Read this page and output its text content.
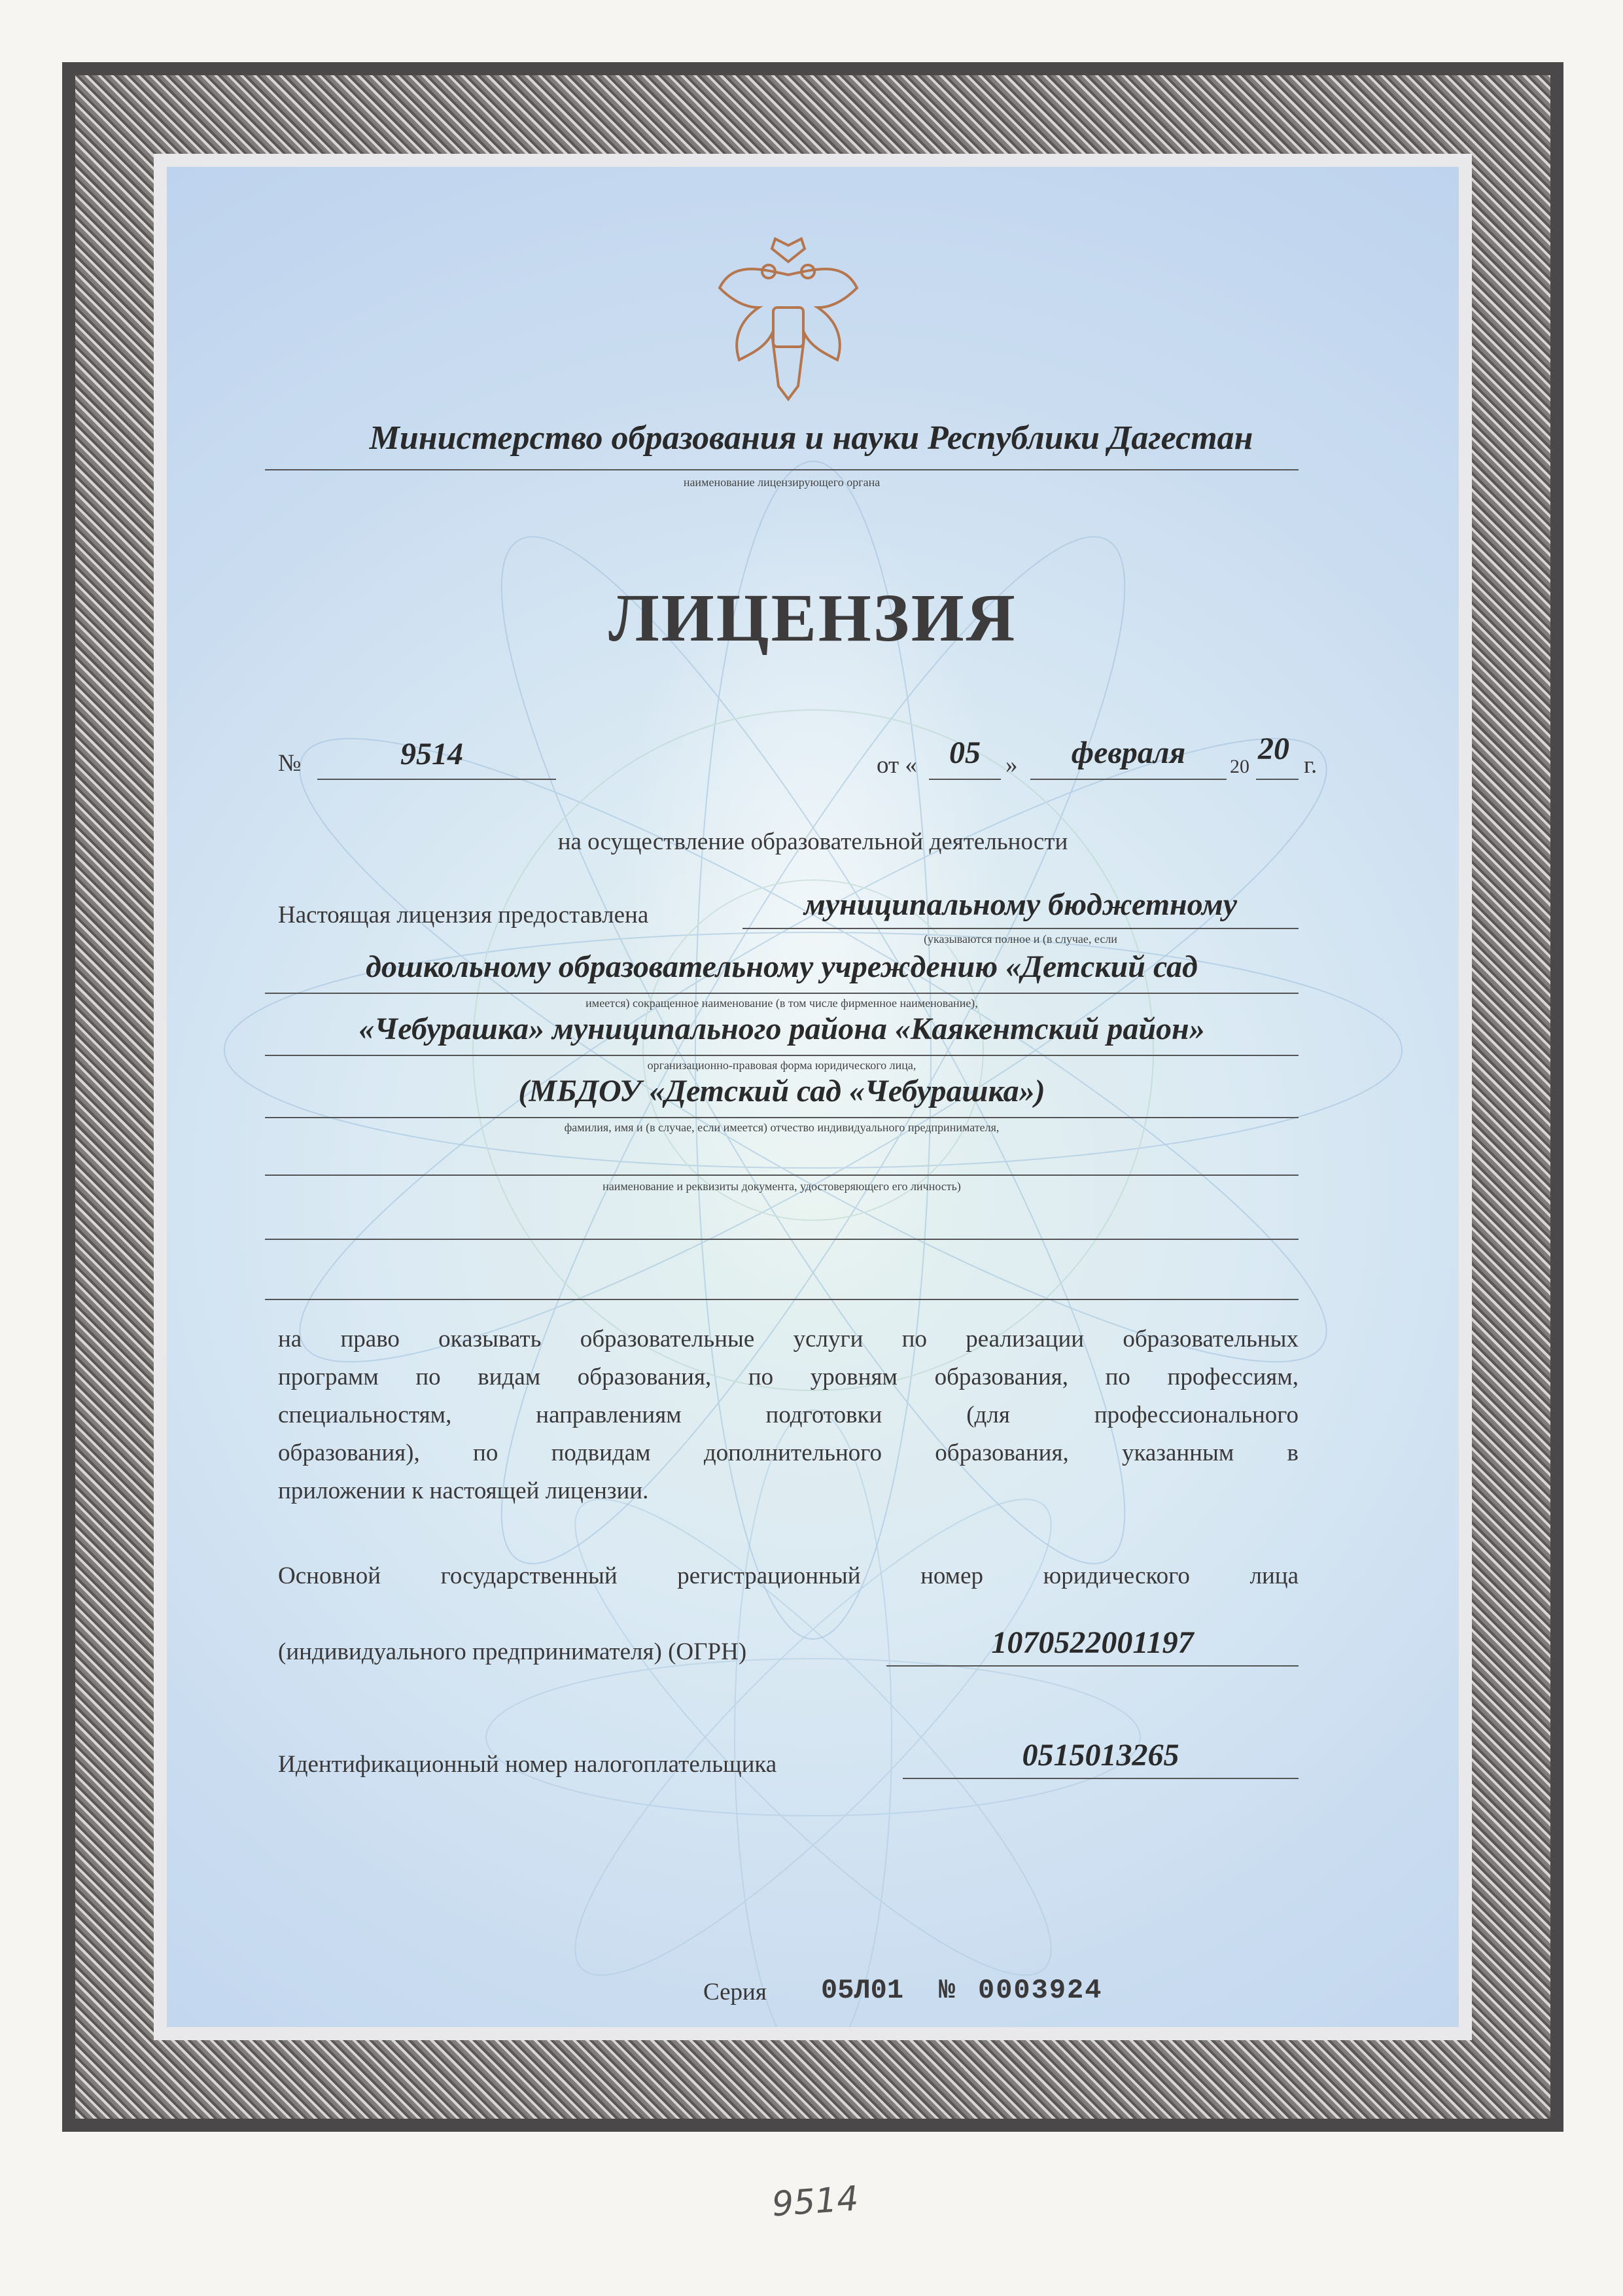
Министерство образования и науки Республики Дагестан
наименование лицензирующего органа
ЛИЦЕНЗИЯ
№	9514	от «	05	»	февраля	20
20 г.
на осуществление образовательной деятельности
Настоящая лицензия предоставлена	муниципальному бюджетному
(указываются полное и (в случае, если
дошкольному образовательному учреждению «Детский сад
имеется) сокращенное наименование (в том числе фирменное наименование),
«Чебурашка» муниципального района «Каякентский район»
организационно-правовая форма юридического лица,
(МБДОУ «Детский сад «Чебурашка»)
фамилия, имя и (в случае, если имеется) отчество индивидуального предпринимателя,
наименование и реквизиты документа, удостоверяющего его личность)
на право оказывать образовательные услуги по реализации образовательных
программ по видам образования, по уровням образования, по профессиям,
специальностям, направлениям подготовки (для профессионального
образования), по подвидам дополнительного образования, указанным в
приложении к настоящей лицензии.
Основной государственный регистрационный номер юридического лица
(индивидуального предпринимателя) (ОГРН)	1070522001197
Идентификационный номер налогоплательщика	0515013265
Серия 05Л01 № 0003924
9514
